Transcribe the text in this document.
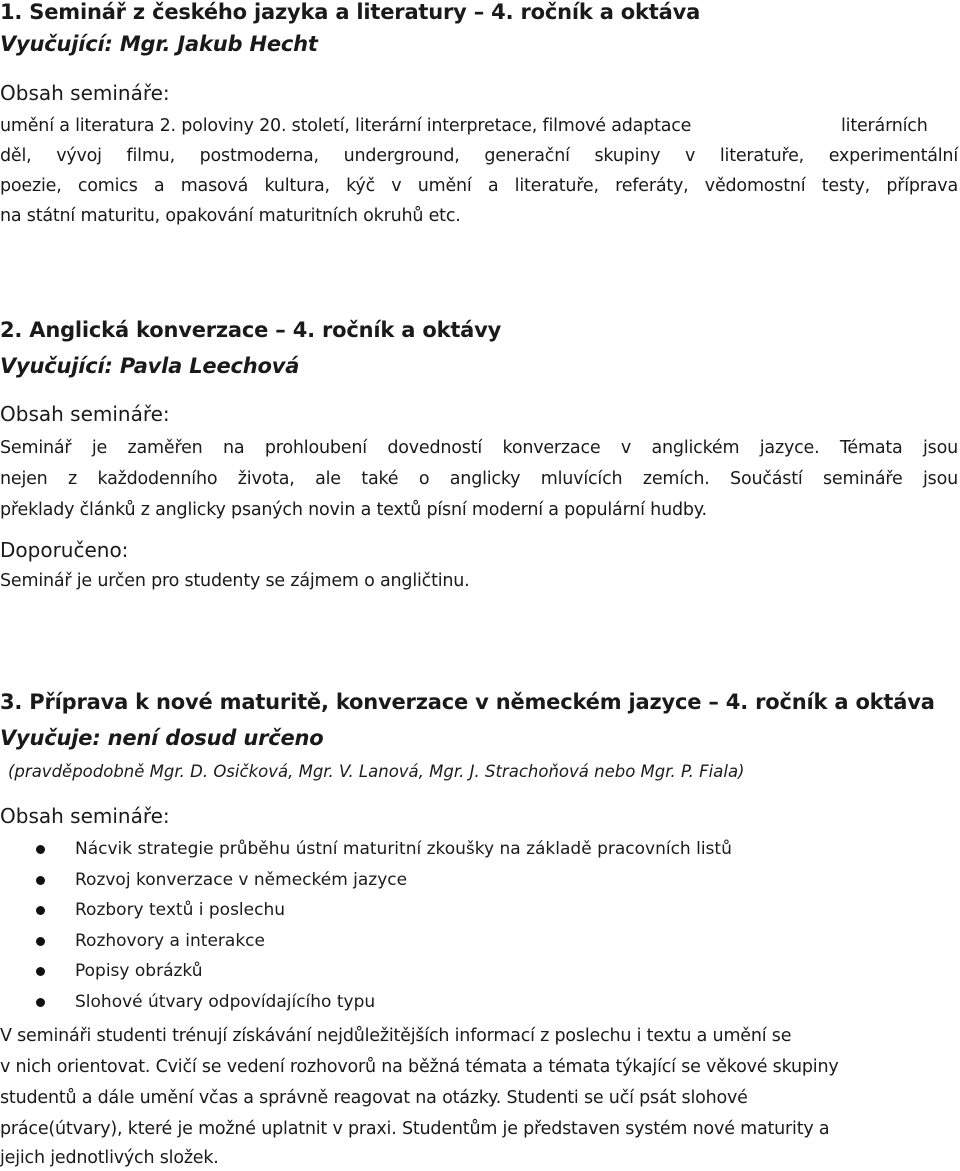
1. Seminář z českého jazyka a literatury – 4. ročník a oktáva

Vyučující: Mgr. Jakub Hecht

Obsah semináře:

umění a literatura 2. poloviny 20. století, literární interpretace, filmové adaptace	literárních

děl, vývoj filmu, postmoderna, underground, generační skupiny v literatuře, experimentální

poezie, comics a masová kultura, kýč v umění a literatuře, referáty, vědomostní testy, příprava

na státní maturitu, opakování maturitních okruhů etc.

2. Anglická konverzace – 4. ročník a oktávy

Vyučující: Pavla Leechová

Obsah semináře:

Seminář je zaměřen na prohloubení dovedností konverzace v anglickém jazyce. Témata jsou

nejen z každodenního života, ale také o anglicky mluvících zemích. Součástí semináře jsou

překlady článků z anglicky psaných novin a textů písní moderní a populární hudby.

Doporučeno:

Seminář je určen pro studenty se zájmem o angličtinu.

3. Příprava k nové maturitě, konverzace v německém jazyce – 4. ročník a oktáva

Vyučuje: není dosud určeno

(pravděpodobně Mgr. D. Osičková, Mgr. V. Lanová, Mgr. J. Strachoňová nebo Mgr. P. Fiala)

Obsah semináře:

Nácvik strategie průběhu ústní maturitní zkoušky na základě pracovních listů
Rozvoj konverzace v německém jazyce
Rozbory textů i poslechu
Rozhovory a interakce
Popisy obrázků
Slohové útvary odpovídajícího typu

V semináři studenti trénují získávání nejdůležitějších informací z poslechu i textu a umění se

v nich orientovat. Cvičí se vedení rozhovorů na běžná témata a témata týkající se věkové skupiny

studentů a dále umění včas a správně reagovat na otázky. Studenti se učí psát slohové

práce(útvary), které je možné uplatnit v praxi. Studentům je představen systém nové maturity a

jejich jednotlivých složek.
